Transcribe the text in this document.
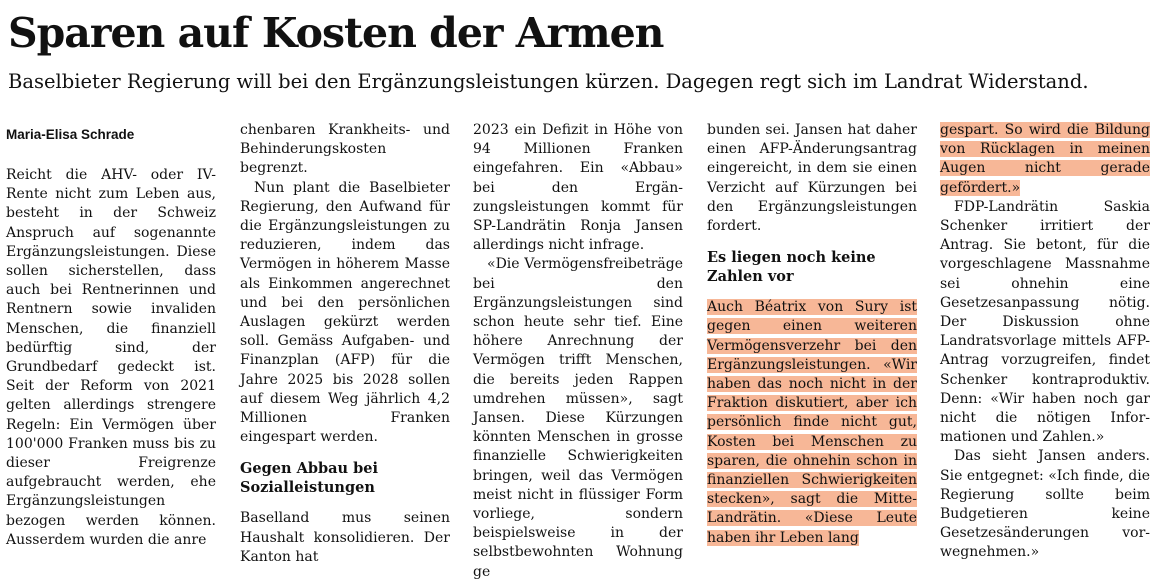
Sparen auf Kosten der Armen

Baselbieter Regierung will bei den Ergänzungsleistungen kürzen. Dagegen regt sich im Landrat Widerstand.

Maria-Elisa Schrade

Reicht die AHV- oder IV-Rente nicht zum Leben aus, besteht in der Schweiz Anspruch auf sogenannte Ergänzungsleistungen. Diese sollen sicherstellen, dass auch bei Rentnerinnen und Rentnern sowie invaliden Menschen, die finanziell bedürftig sind, der Grundbedarf gedeckt ist. Seit der Reform von 2021 gelten allerdings strengere Regeln: Ein Vermögen über 100'000 Franken muss bis zu dieser Freigrenze aufgebraucht werden, ehe Ergänzungsleistungen bezogen werden können. Ausserdem wurden die anre

chenbaren Krankheits- und Behinderungskosten begrenzt.

Nun plant die Baselbieter Regierung, den Aufwand für die Ergänzungsleistungen zu reduzieren, indem das Vermögen in höherem Masse als Einkommen angerechnet und bei den persönlichen Auslagen gekürzt werden soll. Gemäss Aufgaben- und Finanzplan (AFP) für die Jahre 2025 bis 2028 sollen auf diesem Weg jährlich 4,2 Millionen Franken eingespart werden.

Gegen Abbau bei Sozialleistungen

Baselland mus seinen Haushalt konsolidieren. Der Kanton hat

2023 ein Defizit in Höhe von 94 Millionen Franken eingefahren. Ein «Abbau» bei den Ergänzungsleistungen kommt für SP-Landrätin Ronja Jansen allerdings nicht infrage.

«Die Vermögensfreibeträge bei den Ergänzungsleistungen sind schon heute sehr tief. Eine höhere Anrechnung der Vermögen trifft Menschen, die bereits jeden Rappen umdrehen müssen», sagt Jansen. Diese Kürzungen könnten Menschen in grosse finanzielle Schwierigkeiten bringen, weil das Vermögen meist nicht in flüssiger Form vorliege, sondern beispielsweise in der selbstbewohnten Wohnung ge

bunden sei. Jansen hat daher einen AFP-Änderungsantrag eingereicht, in dem sie einen Verzicht auf Kürzungen bei den Ergänzungsleistungen fordert.

Es liegen noch keine Zahlen vor

Auch Béatrix von Sury ist gegen einen weiteren Vermögensverzehr bei den Ergänzungsleistungen. «Wir haben das noch nicht in der Fraktion diskutiert, aber ich persönlich finde nicht gut, Kosten bei Menschen zu sparen, die ohnehin schon in finanziellen Schwierigkeiten stecken», sagt die Mitte-Landrätin. «Diese Leute haben ihr Leben lang

gespart. So wird die Bildung von Rücklagen in meinen Augen nicht gerade gefördert.»

FDP-Landrätin Saskia Schenker irritiert der Antrag. Sie betont, für die vorgeschlagene Massnahme sei ohnehin eine Gesetzesanpassung nötig. Der Diskussion ohne Landratsvorlage mittels AFP-Antrag vorzugreifen, findet Schenker kontraproduktiv. Denn: «Wir haben noch gar nicht die nötigen Informationen und Zahlen.»

Das sieht Jansen anders. Sie entgegnet: «Ich finde, die Regierung sollte beim Budgetieren keine Gesetzesänderungen vorwegnehmen.»
